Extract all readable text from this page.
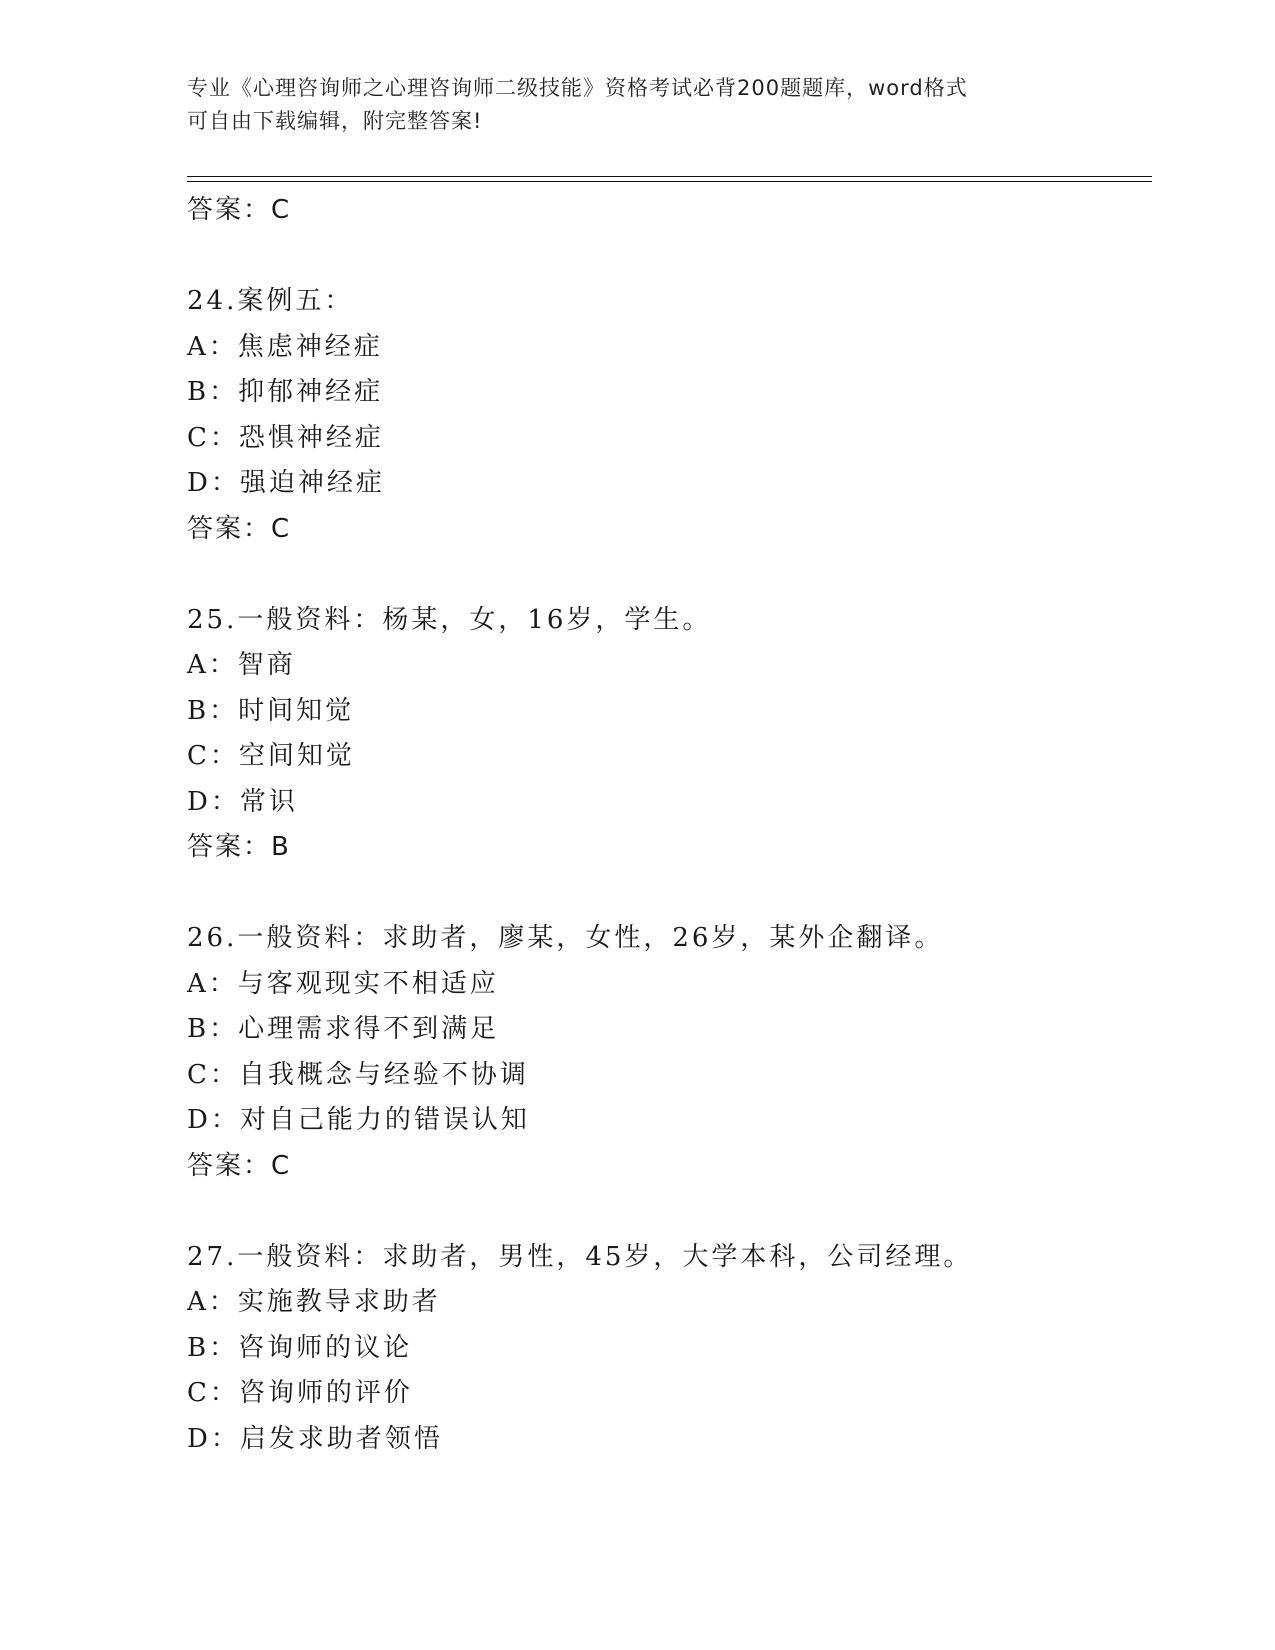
专业《心理咨询师之心理咨询师二级技能》资格考试必背200题题库，word格式
可自由下载编辑，附完整答案!
答案：C
24.案例五：
A：焦虑神经症
B：抑郁神经症
C：恐惧神经症
D：强迫神经症
答案：C
25.一般资料：杨某，女，16岁，学生。
A：智商
B：时间知觉
C：空间知觉
D：常识
答案：B
26.一般资料：求助者，廖某，女性，26岁，某外企翻译。
A：与客观现实不相适应
B：心理需求得不到满足
C：自我概念与经验不协调
D：对自己能力的错误认知
答案：C
27.一般资料：求助者，男性，45岁，大学本科，公司经理。
A：实施教导求助者
B：咨询师的议论
C：咨询师的评价
D：启发求助者领悟
